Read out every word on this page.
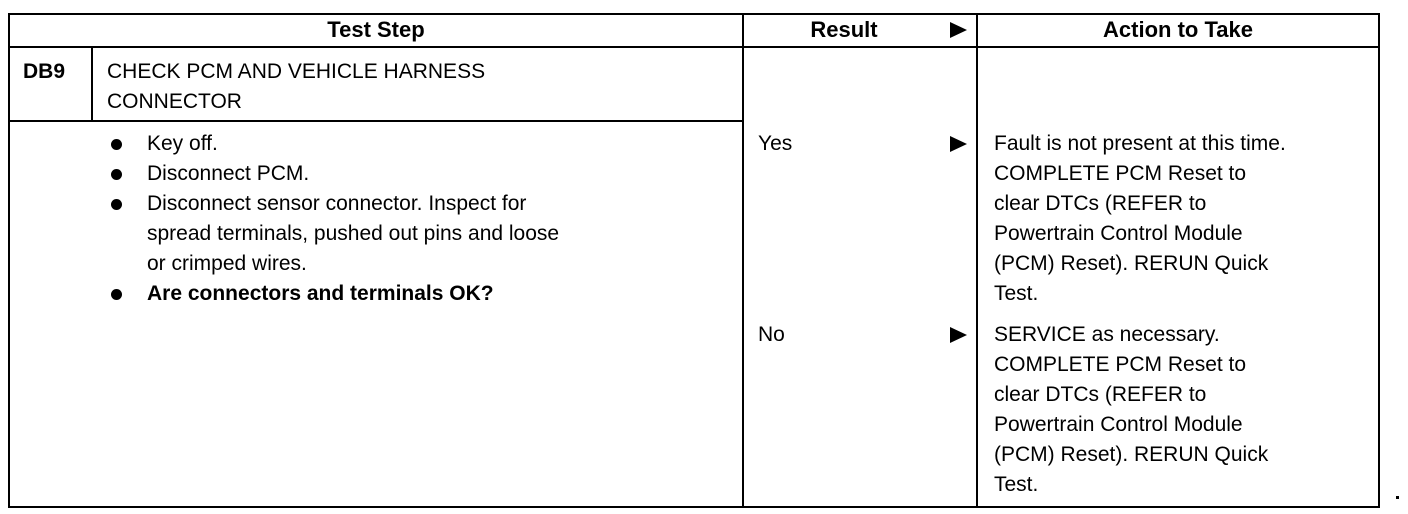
Test Step	Result	Action to Take
DB9 CHECK PCM AND VEHICLE HARNESS
CONNECTOR
Key off.
Disconnect PCM.
Disconnect sensor connector. Inspect for
spread terminals, pushed out pins and loose
or crimped wires.
Are connectors and terminals OK?
Yes	Fault is not present at this time.
COMPLETE PCM Reset to
clear DTCs (REFER to
Powertrain Control Module
(PCM) Reset). RERUN Quick
Test.
No	SERVICE as necessary.
COMPLETE PCM Reset to
clear DTCs (REFER to
Powertrain Control Module
(PCM) Reset). RERUN Quick
Test.
